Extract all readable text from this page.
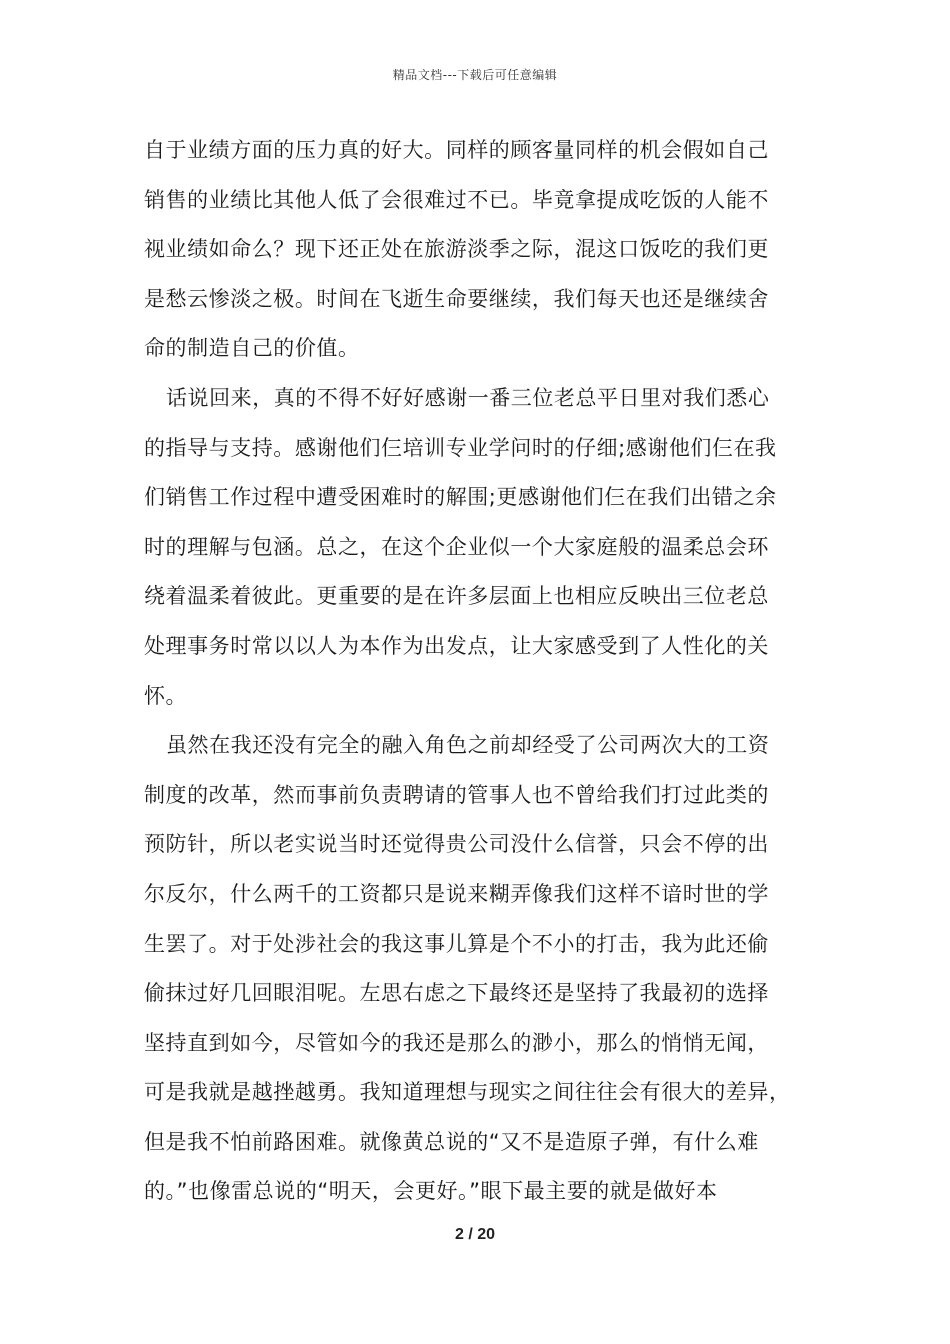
精品文档---下载后可任意编辑
自于业绩方面的压力真的好大。同样的顾客量同样的机会假如自己
销售的业绩比其他人低了会很难过不已。毕竟拿提成吃饭的人能不
视业绩如命么？现下还正处在旅游淡季之际，混这口饭吃的我们更
是愁云惨淡之极。时间在飞逝生命要继续，我们每天也还是继续舍
命的制造自己的价值。
话说回来，真的不得不好好感谢一番三位老总平日里对我们悉心
的指导与支持。感谢他们仨培训专业学问时的仔细;感谢他们仨在我
们销售工作过程中遭受困难时的解围;更感谢他们仨在我们出错之余
时的理解与包涵。总之，在这个企业似一个大家庭般的温柔总会环
绕着温柔着彼此。更重要的是在许多层面上也相应反映出三位老总
处理事务时常以以人为本作为出发点，让大家感受到了人性化的关
怀。
虽然在我还没有完全的融入角色之前却经受了公司两次大的工资
制度的改革，然而事前负责聘请的管事人也不曾给我们打过此类的
预防针，所以老实说当时还觉得贵公司没什么信誉，只会不停的出
尔反尔，什么两千的工资都只是说来糊弄像我们这样不谙时世的学
生罢了。对于处涉社会的我这事儿算是个不小的打击，我为此还偷
偷抹过好几回眼泪呢。左思右虑之下最终还是坚持了我最初的选择
坚持直到如今，尽管如今的我还是那么的渺小，那么的悄悄无闻，
可是我就是越挫越勇。我知道理想与现实之间往往会有很大的差异，
但是我不怕前路困难。就像黄总说的“又不是造原子弹，有什么难
的。”也像雷总说的“明天，会更好。”眼下最主要的就是做好本
2 / 20
